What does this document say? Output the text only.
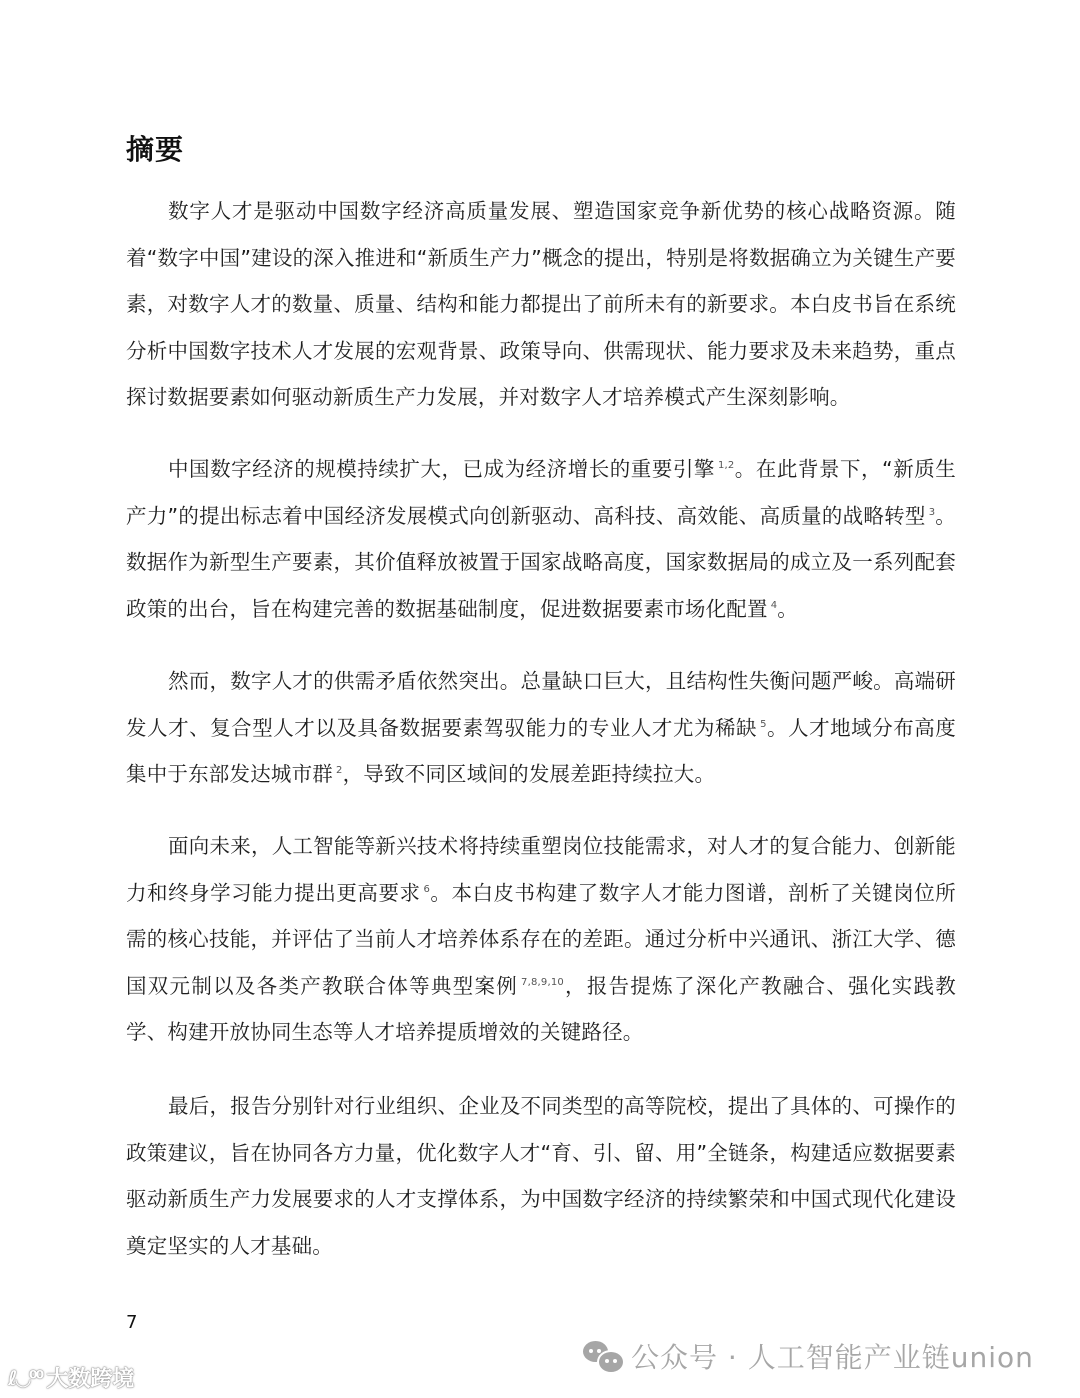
摘要

数字人才是驱动中国数字经济高质量发展、塑造国家竞争新优势的核心战略资源。随着“数字中国”建设的深入推进和“新质生产力”概念的提出，特别是将数据确立为关键生产要素，对数字人才的数量、质量、结构和能力都提出了前所未有的新要求。本白皮书旨在系统分析中国数字技术人才发展的宏观背景、政策导向、供需现状、能力要求及未来趋势，重点探讨数据要素如何驱动新质生产力发展，并对数字人才培养模式产生深刻影响。

中国数字经济的规模持续扩大，已成为经济增长的重要引擎 $^{1,2}$。在此背景下，“新质生产力”的提出标志着中国经济发展模式向创新驱动、高科技、高效能、高质量的战略转型 $^3$。数据作为新型生产要素，其价值释放被置于国家战略高度，国家数据局的成立及一系列配套政策的出台，旨在构建完善的数据基础制度，促进数据要素市场化配置 $^4$。

然而，数字人才的供需矛盾依然突出。总量缺口巨大，且结构性失衡问题严峻。高端研发人才、复合型人才以及具备数据要素驾驭能力的专业人才尤为稀缺 $^5$。人才地域分布高度集中于东部发达城市群 $^2$，导致不同区域间的发展差距持续拉大。

面向未来，人工智能等新兴技术将持续重塑岗位技能需求，对人才的复合能力、创新能力和终身学习能力提出更高要求 $^6$。本白皮书构建了数字人才能力图谱，剖析了关键岗位所需的核心技能，并评估了当前人才培养体系存在的差距。通过分析中兴通讯、浙江大学、德国双元制以及各类产教联合体等典型案例 $^{7,8,9,10}$，报告提炼了深化产教融合、强化实践教学、构建开放协同生态等人才培养提质增效的关键路径。

最后，报告分别针对行业组织、企业及不同类型的高等院校，提出了具体的、可操作的政策建议，旨在协同各方力量，优化数字人才“育、引、留、用”全链条，构建适应数据要素驱动新质生产力发展要求的人才支撑体系，为中国数字经济的持续繁荣和中国式现代化建设奠定坚实的人才基础。

7
ℓ◡⁰⁰ 大数跨境
公众号 · 人工智能产业链union
